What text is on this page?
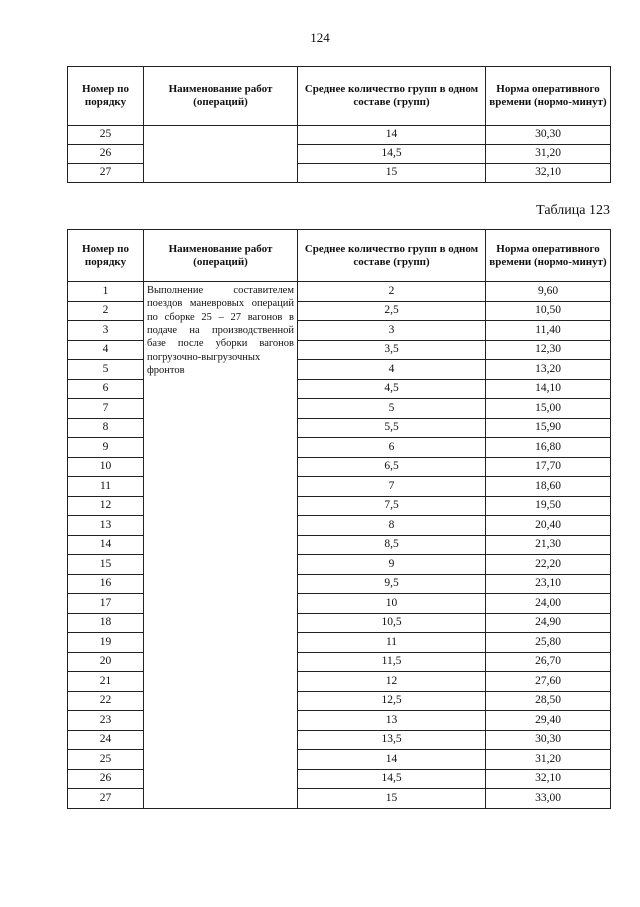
124
Номер по порядку	Наименование работ (операций)	Среднее количество групп в одном составе (групп)	Норма оперативного времени (нормо-минут)
25		14	30,30
26		14,5	31,20
27		15	32,10
Таблица 123
Номер по порядку	Наименование работ (операций)	Среднее количество групп в одном составе (групп)	Норма оперативного времени (нормо-минут)
1	Выполнение составителем поездов маневровых операций по сборке 25 – 27 вагонов в подаче на производственной базе после уборки вагонов погрузочно-выгрузочных фронтов	2	9,60
2		2,5	10,50
3		3	11,40
4		3,5	12,30
5		4	13,20
6		4,5	14,10
7		5	15,00
8		5,5	15,90
9		6	16,80
10		6,5	17,70
11		7	18,60
12		7,5	19,50
13		8	20,40
14		8,5	21,30
15		9	22,20
16		9,5	23,10
17		10	24,00
18		10,5	24,90
19		11	25,80
20		11,5	26,70
21		12	27,60
22		12,5	28,50
23		13	29,40
24		13,5	30,30
25		14	31,20
26		14,5	32,10
27		15	33,00
